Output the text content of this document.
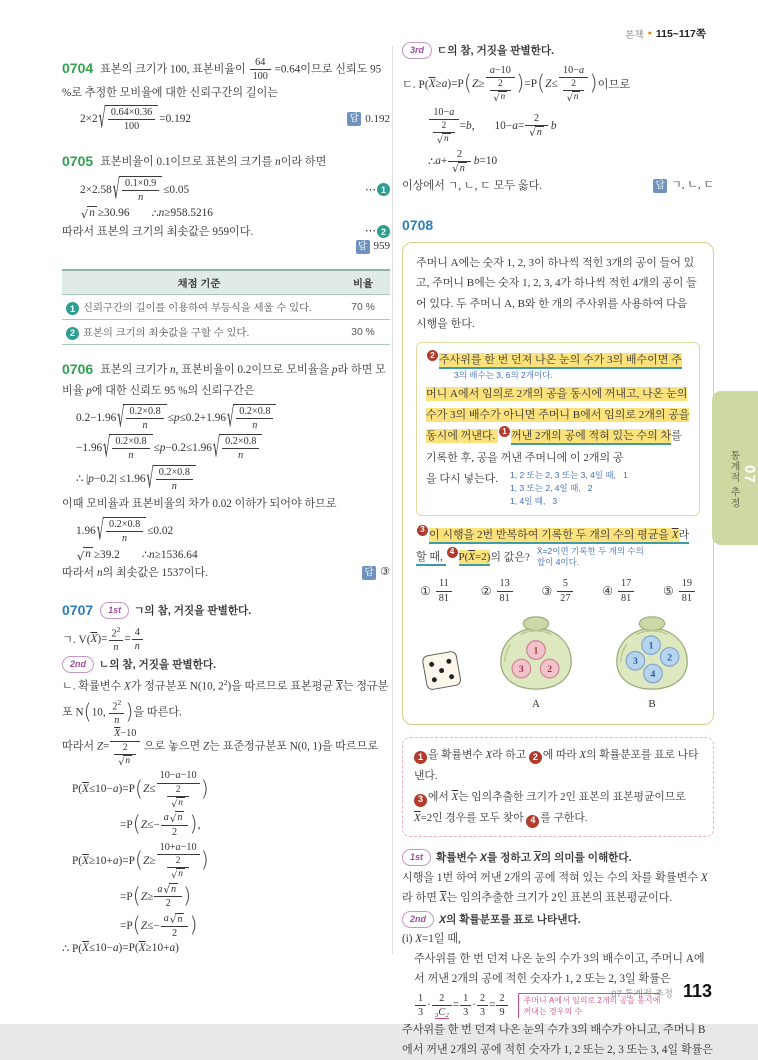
본책 ● 115~117쪽
0704 표본의 크기가 100, 표본비율이 $\frac{64}{100} =0.64$이므로 신뢰도 95 %로 추정한 모비율에 대한 신뢰구간의 길이는
2×2 √ $\frac{0.64\times 0.36}{100} =0.192$	답 0.192
0705 표본비율이 0.1이므로 표본의 크기를 n이라 하면
2×2.58 √ $\frac{0.1\times 0.9}{n} \le 0.05$	⋯ 1
√ n ≥30.96 ∴ n ≥958.5216
따라서 표본의 크기의 최솟값은 959이다.	⋯ 2
답 959
채점 기준	비율
1 신뢰구간의 길이를 이용하여 부등식을 세울 수 있다.	70 %
2 표본의 크기의 최솟값을 구할 수 있다.	30 %
0706 표본의 크기가 n, 표본비율이 0.2이므로 모비율을 p라 하면 모비율 p에 대한 신뢰도 95 %의 신뢰구간은
0.2−1.96 √ $\frac{0.2\times 0.8}{n} \le p \le 0.2+1.96$ √ $\frac{0.2\times 0.8}{n}$
−1.96 √ $\frac{0.2\times 0.8}{n} \le p -0.2\le 1.96$ √ $\frac{0.2\times 0.8}{n}$
∴ | p −0.2| ≤1.96 √ $\frac{0.2\times 0.8}{n}$
이때 모비율과 표본비율의 차가 0.02 이하가 되어야 하므로
1.96 √ $\frac{0.2\times 0.8}{n} \le 0.02$
√ n ≥39.2 ∴ n ≥1536.64
따라서 n의 최솟값은 1537이다.	답 ③
0707 1st ㄱ의 참, 거짓을 판별한다.
ㄱ. V( $\overline{X}$ )= $\frac{2^2}{n} = \frac{4}{n}$
2nd ㄴ의 참, 거짓을 판별한다.
ㄴ. 확률변수 X가 정규분포 N(10, $2^2$)을 따르므로 표본평균 $\overline{X}$는 정규분포 N(10, $\frac{2^2}{n}$ )을 따른다.
따라서 $Z= \frac{\overline{X}-10}{\frac{2}{√ n}}$ 으로 놓으면 Z는 표준정규분포 N(0, 1)을 따르므로
P( $\overline{X} \le 10- a$ )=P ( $Z \le \frac{10-a-10}{\frac{2}{√ n}}$ )
=P ( $Z \le- \frac{a √ n}{2}$ ) ,
P( $\overline{X} \ge 10+ a$ )=P ( $Z \ge \frac{10+a-10}{\frac{2}{√ n}}$ )
=P ( $Z \ge \frac{a √ n}{2}$ )
=P ( $Z \le- \frac{a √ n}{2}$ )
∴ P( $\overline{X} \le 10- a$ )=P( $\overline{X} \ge 10+ a$ )
3rd ㄷ의 참, 거짓을 판별한다.
ㄷ. P( $\overline{X} \ge a$ )=P ( $Z \ge \frac{a-10}{\frac{2}{√ n}}$ ) =P ( $Z \le \frac{10-a}{\frac{2}{√ n}}$ ) 이므로
$\frac{10-a}{\frac{2}{√ n}} = b$ , $10- a = \frac{2}{√ n}$ b
∴ $a + \frac{2}{√ n}$ b =10
이상에서 ㄱ, ㄴ, ㄷ 모두 옳다.	답 ㄱ, ㄴ, ㄷ
0708
주머니 A에는 숫자 1, 2, 3이 하나씩 적힌 3개의 공이 들어 있고, 주머니 B에는 숫자 1, 2, 3, 4가 하나씩 적힌 4개의 공이 들어 있다. 두 주머니 A, B와 한 개의 주사위를 사용하여 다음 시행을 한다.
2 주사위를 한 번 던져 나온 눈의 수가 3의 배수이면 주
3의 배수는 3, 6의 2개이다.
머니 A에서 임의로 2개의 공을 동시에 꺼내고, 나온 눈의 수가 3의 배수가 아니면 주머니 B에서 임의로 2개의 공을 동시에 꺼낸다. 1 꺼낸 2개의 공에 적혀 있는 수의 차를 기록한 후, 공을 꺼낸 주머니에 이 2개의 공
을 다시 넣는다. 1, 2 또는 2, 3 또는 3, 4일 때,   1
1, 3 또는 2, 4일 때,   2
1, 4일 때,   3
3 이 시행을 2번 반복하여 기록한 두 개의 수의 평균을 $\overline{X}$라 할 때, 4 $P(\overline{X}=2)$의 값은?X̄=2이면 기록한 두 개의 수의
합이 4이다.
① $\frac{11}{81}$ ② $\frac{13}{81}$ ③ $\frac{5}{27}$ ④ $\frac{17}{81}$ ⑤ $\frac{19}{81}$
1
3 2
A
1
2
3
4
B
1 을 확률변수 X라 하고 2 에 따라 X의 확률분포를 표로 나타낸다.
3 에서 $\overline{X}$는 임의추출한 크기가 2인 표본의 표본평균이므로 $\overline{X}=2$인 경우를 모두 찾아 4 를 구한다.
1st 확률변수 X를 정하고 $\overline{X}$의 의미를 이해한다.
시행을 1번 하여 꺼낸 2개의 공에 적혀 있는 수의 차를 확률변수 X라 하면 $\overline{X}$는 임의추출한 크기가 2인 표본의 표본평균이다.
2nd X의 확률분포를 표로 나타낸다.
(i) X=1일 때,
주사위를 한 번 던져 나온 눈의 수가 3의 배수이고, 주머니 A에서 꺼낸 2개의 공에 적힌 숫자가 1, 2 또는 2, 3일 확률은
$\frac{1}{3} \cdot \frac{2}{\text{₃C₂}} = \frac{1}{3} \cdot \frac{2}{3} = \frac{2}{9}$	주머니 A에서 임의로 2개의 공을 동시에
꺼내는 경우의 수
주사위를 한 번 던져 나온 눈의 수가 3의 배수가 아니고, 주머니 B에서 꺼낸 2개의 공에 적힌 숫자가 1, 2 또는 2, 3 또는 3, 4일 확률은
07
통계적 추정
07 통계적 추정 113
